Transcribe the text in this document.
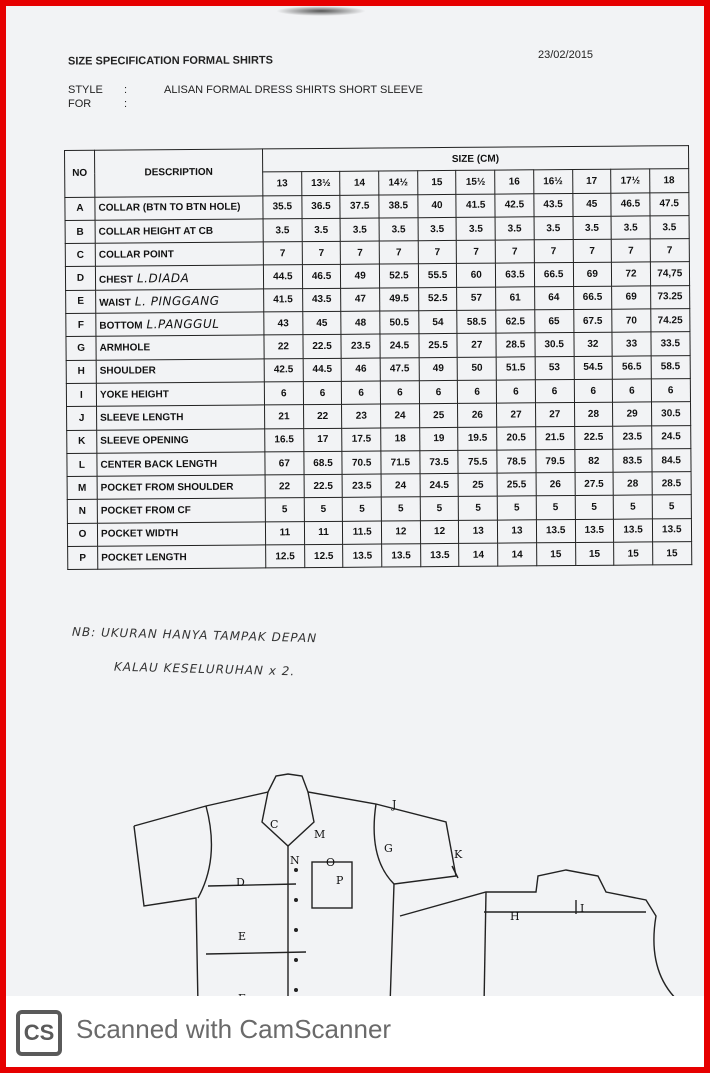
SIZE SPECIFICATION FORMAL SHIRTS	23/02/2015
STYLE :	ALISAN FORMAL DRESS SHIRTS SHORT SLEEVE
FOR	:
NO	DESCRIPTION	SIZE (CM)										
		13	13½	14	14½	15	15½	16	16½	17	17½	18
A	COLLAR (BTN TO BTN HOLE)	35.5	36.5	37.5	38.5	40	41.5	42.5	43.5	45	46.5	47.5
B	COLLAR HEIGHT AT CB	3.5	3.5	3.5	3.5	3.5	3.5	3.5	3.5	3.5	3.5	3.5
C	COLLAR POINT	7	7	7	7	7	7	7	7	7	7	7
D	CHEST L.DIADA	44.5	46.5	49	52.5	55.5	60	63.5	66.5	69	72	74,75
E	WAIST L. PINGGANG	41.5	43.5	47	49.5	52.5	57	61	64	66.5	69	73.25
F	BOTTOM L.PANGGUL	43	45	48	50.5	54	58.5	62.5	65	67.5	70	74.25
G	ARMHOLE	22	22.5	23.5	24.5	25.5	27	28.5	30.5	32	33	33.5
H	SHOULDER	42.5	44.5	46	47.5	49	50	51.5	53	54.5	56.5	58.5
I	YOKE HEIGHT	6	6	6	6	6	6	6	6	6	6	6
J	SLEEVE LENGTH	21	22	23	24	25	26	27	27	28	29	30.5
K	SLEEVE OPENING	16.5	17	17.5	18	19	19.5	20.5	21.5	22.5	23.5	24.5
L	CENTER BACK LENGTH	67	68.5	70.5	71.5	73.5	75.5	78.5	79.5	82	83.5	84.5
M	POCKET FROM SHOULDER	22	22.5	23.5	24	24.5	25	25.5	26	27.5	28	28.5
N	POCKET FROM CF	5	5	5	5	5	5	5	5	5	5	5
O	POCKET WIDTH	11	11	11.5	12	12	13	13	13.5	13.5	13.5	13.5
P	POCKET LENGTH	12.5	12.5	13.5	13.5	13.5	14	14	15	15	15	15
NB: UKURAN HANYA TAMPAK DEPAN
KALAU KESELURUHAN x 2.
C
M
J
G	K
N O
P
D
E
H
I
CS Scanned with CamScanner
